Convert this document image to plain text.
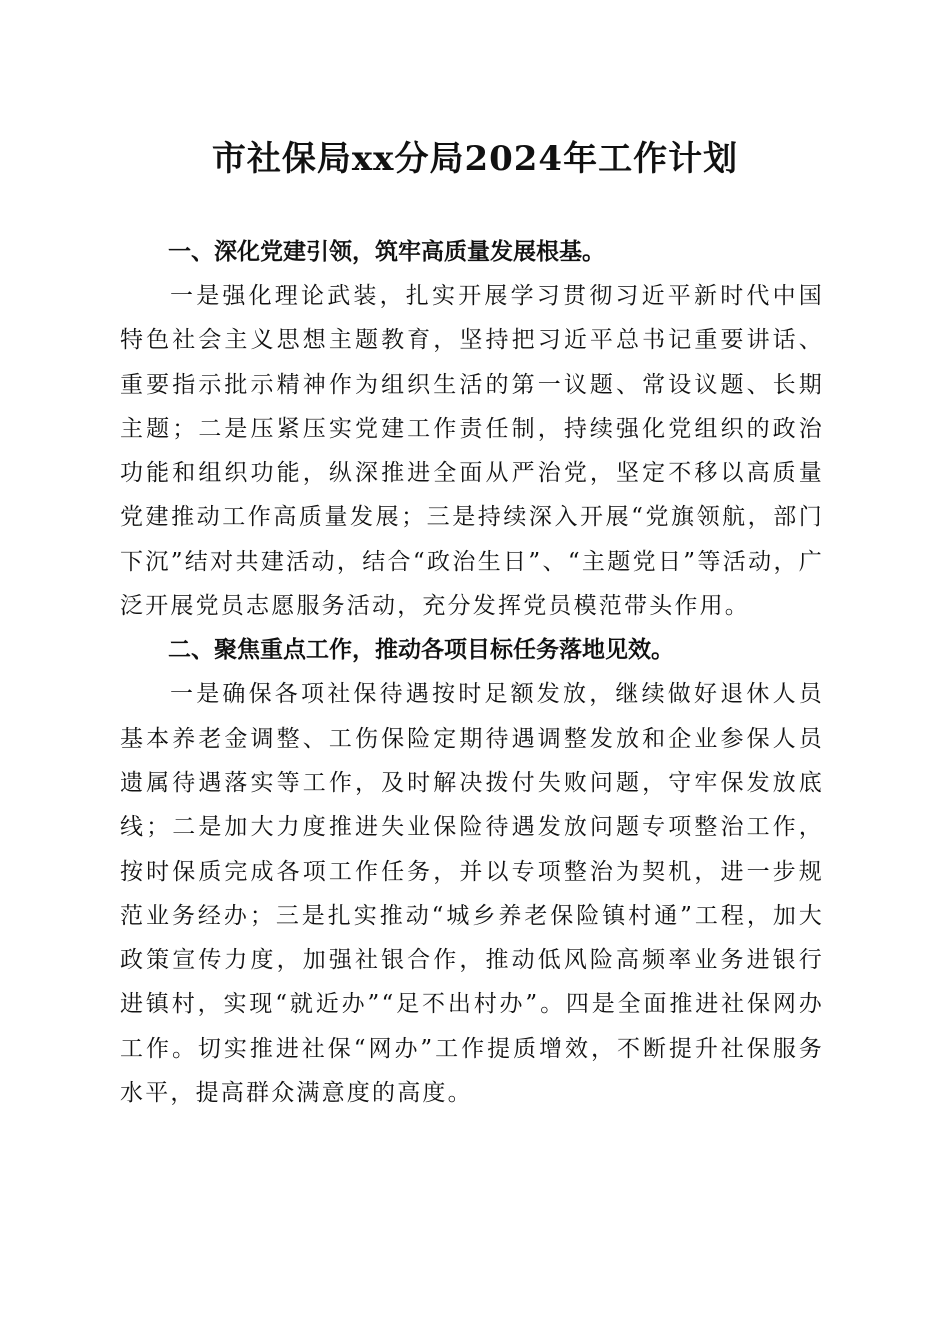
市社保局xx分局2024年工作计划

一、深化党建引领，筑牢高质量发展根基。

一是强化理论武装，扎实开展学习贯彻习近平新时代中国特色社会主义思想主题教育，坚持把习近平总书记重要讲话、重要指示批示精神作为组织生活的第一议题、常设议题、长期主题；二是压紧压实党建工作责任制，持续强化党组织的政治功能和组织功能，纵深推进全面从严治党，坚定不移以高质量党建推动工作高质量发展；三是持续深入开展“党旗领航，部门下沉”结对共建活动，结合“政治生日”、“主题党日”等活动，广泛开展党员志愿服务活动，充分发挥党员模范带头作用。

二、聚焦重点工作，推动各项目标任务落地见效。

一是确保各项社保待遇按时足额发放，继续做好退休人员基本养老金调整、工伤保险定期待遇调整发放和企业参保人员遗属待遇落实等工作，及时解决拨付失败问题，守牢保发放底线；二是加大力度推进失业保险待遇发放问题专项整治工作，按时保质完成各项工作任务，并以专项整治为契机，进一步规范业务经办；三是扎实推动“城乡养老保险镇村通”工程，加大政策宣传力度，加强社银合作，推动低风险高频率业务进银行进镇村，实现“就近办”“足不出村办”。四是全面推进社保网办工作。切实推进社保“网办”工作提质增效，不断提升社保服务水平，提高群众满意度的高度。
